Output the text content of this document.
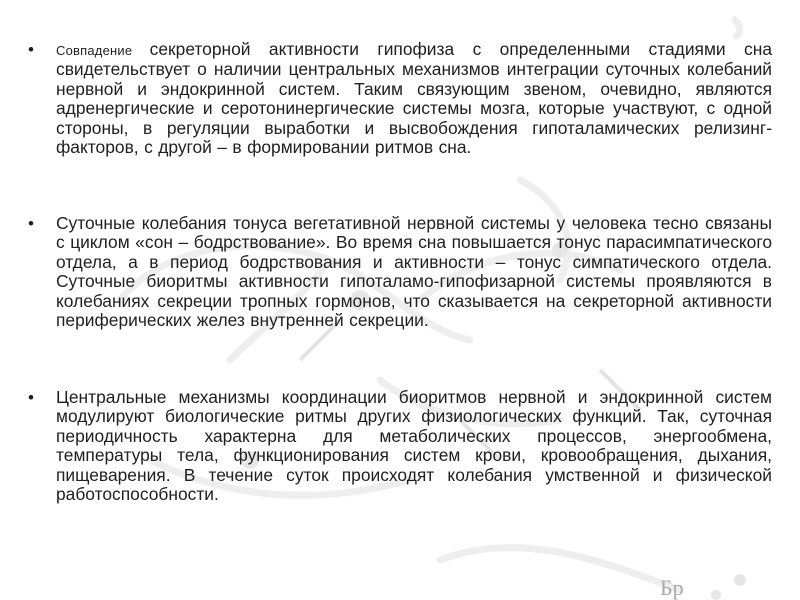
Бр

•	Совпадение секреторной активности гипофиза с определенными стадиями сна свидетельствует о наличии центральных механизмов интеграции суточных колебаний нервной и эндокринной систем. Таким связующим звеном, очевидно, являются адренергические и серотонинергические системы мозга, которые участвуют, с одной стороны, в регуляции выработки и высвобождения гипоталамических релизинг-факторов, с другой – в формировании ритмов сна.

•	Суточные колебания тонуса вегетативной нервной системы у человека тесно связаны с циклом «сон – бодрствование». Во время сна повышается тонус парасимпатического отдела, а в период бодрствования и активности – тонус симпатического отдела. Суточные биоритмы активности гипоталамо-гипофизарной системы проявляются в колебаниях секреции тропных гормонов, что сказывается на секреторной активности периферических желез внутренней секреции.

•	Центральные механизмы координации биоритмов нервной и эндокринной систем модулируют биологические ритмы других физиологических функций. Так, суточная периодичность характерна для метаболических процессов, энергообмена, температуры тела, функционирования систем крови, кровообращения, дыхания, пищеварения. В течение суток происходят колебания умственной и физической работоспособности.
